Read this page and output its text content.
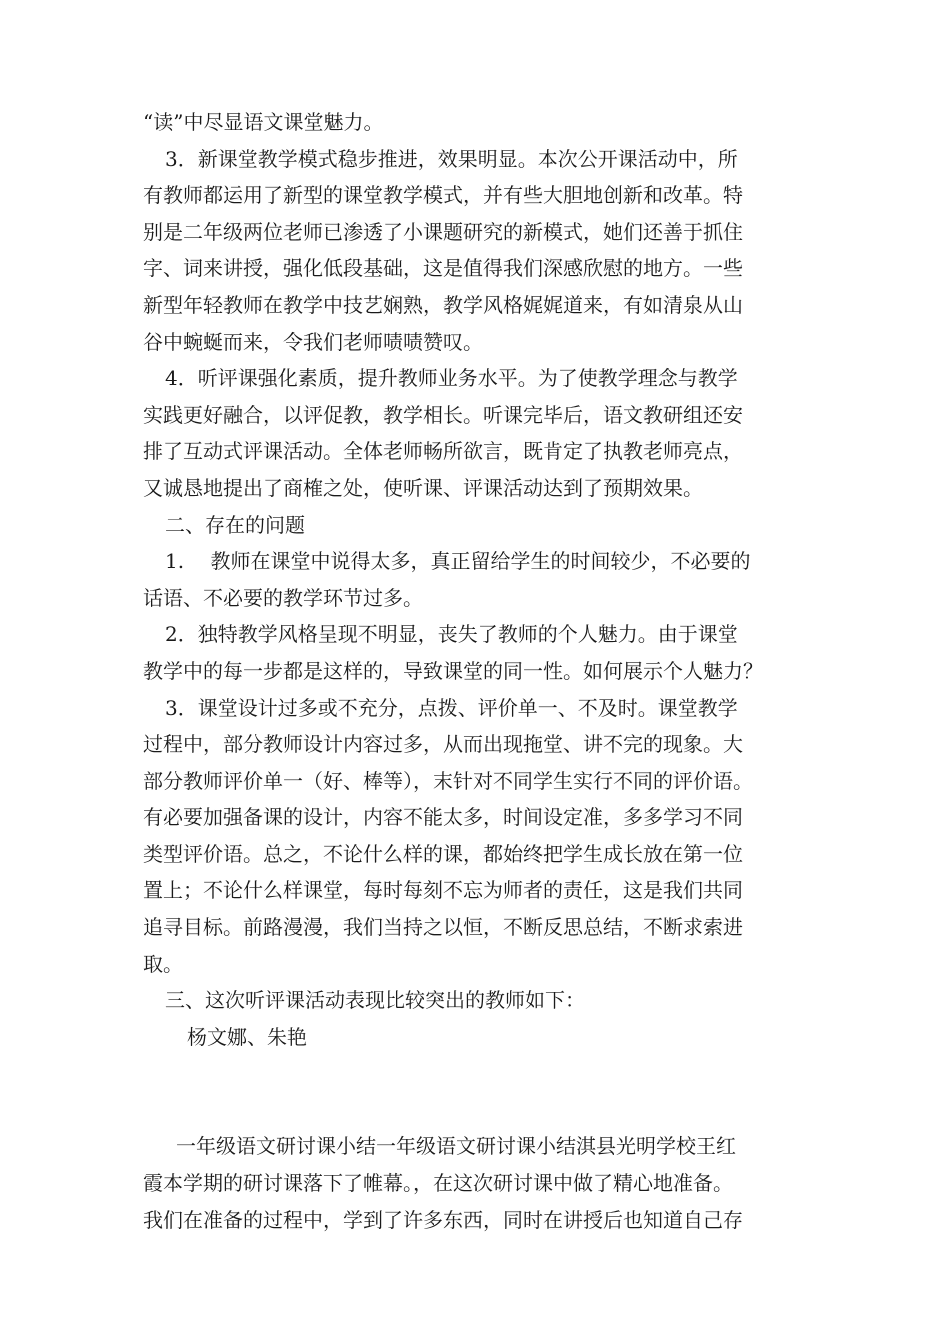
“读”中尽显语文课堂魅力。

3．新课堂教学模式稳步推进，效果明显。本次公开课活动中，所

有教师都运用了新型的课堂教学模式，并有些大胆地创新和改革。特

别是二年级两位老师已渗透了小课题研究的新模式，她们还善于抓住

字、词来讲授，强化低段基础，这是值得我们深感欣慰的地方。一些

新型年轻教师在教学中技艺娴熟，教学风格娓娓道来，有如清泉从山

谷中蜿蜒而来，令我们老师啧啧赞叹。

4．听评课强化素质，提升教师业务水平。为了使教学理念与教学

实践更好融合，以评促教，教学相长。听课完毕后，语文教研组还安

排了互动式评课活动。全体老师畅所欲言，既肯定了执教老师亮点，

又诚恳地提出了商榷之处，使听课、评课活动达到了预期效果。

二、存在的问题

1.　 教师在课堂中说得太多，真正留给学生的时间较少，不必要的

话语、不必要的教学环节过多。

2．独特教学风格呈现不明显，丧失了教师的个人魅力。由于课堂

教学中的每一步都是这样的，导致课堂的同一性。如何展示个人魅力？

3．课堂设计过多或不充分，点拨、评价单一、不及时。课堂教学

过程中，部分教师设计内容过多，从而出现拖堂、讲不完的现象。大

部分教师评价单一（好、棒等），末针对不同学生实行不同的评价语。

有必要加强备课的设计，内容不能太多，时间设定准，多多学习不同

类型评价语。总之，不论什么样的课，都始终把学生成长放在第一位

置上；不论什么样课堂，每时每刻不忘为师者的责任，这是我们共同

追寻目标。前路漫漫，我们当持之以恒，不断反思总结，不断求索进

取。

三、这次听评课活动表现比较突出的教师如下：

杨文娜、朱艳

一年级语文研讨课小结一年级语文研讨课小结淇县光明学校王红

霞本学期的研讨课落下了帷幕。，在这次研讨课中做了精心地准备。

我们在准备的过程中，学到了许多东西，同时在讲授后也知道自己存
